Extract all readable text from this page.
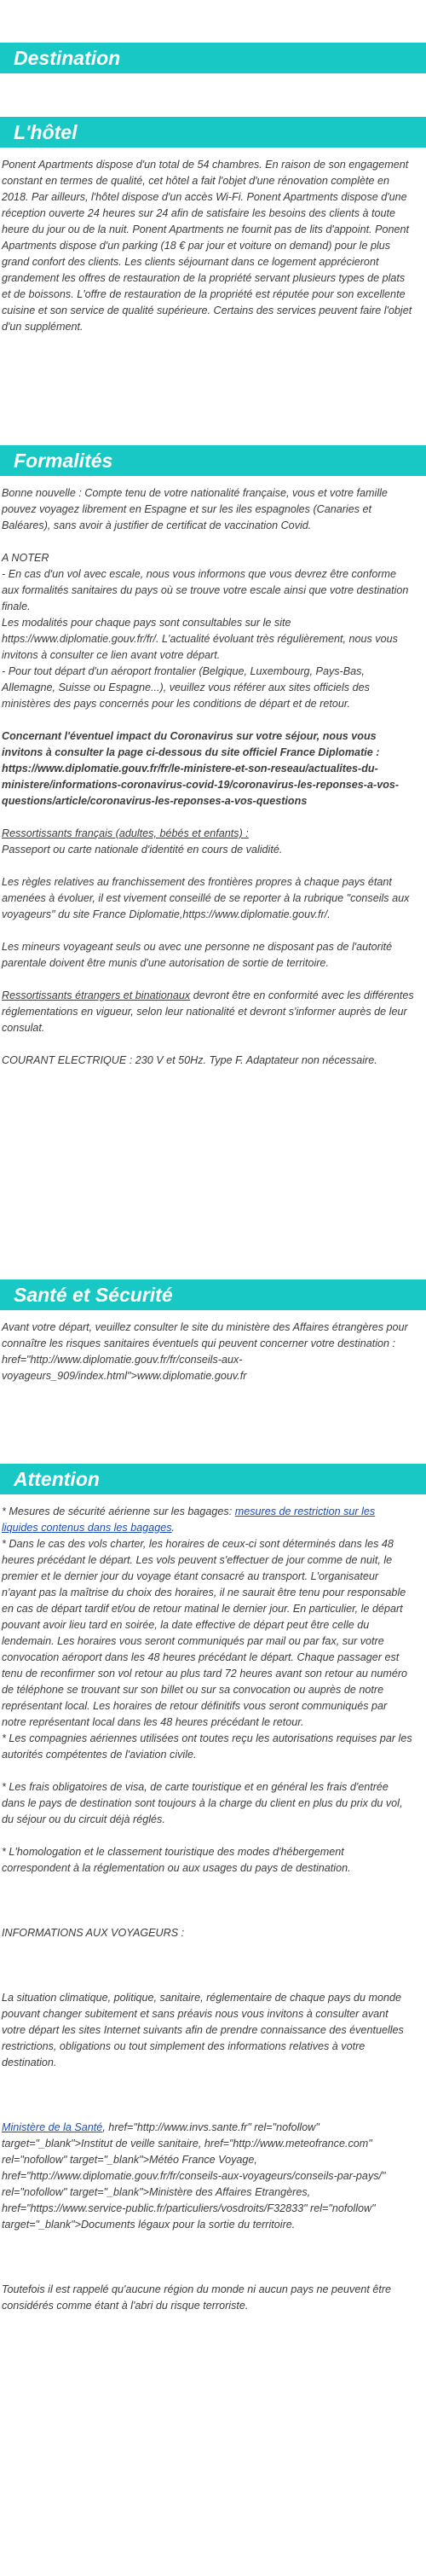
Destination
L'hôtel

Ponent Apartments dispose d'un total de 54 chambres. En raison de son engagement constant en termes de qualité, cet hôtel a fait l'objet d'une rénovation complète en 2018. Par ailleurs, l'hôtel dispose d'un accès Wi-Fi. Ponent Apartments dispose d'une réception ouverte 24 heures sur 24 afin de satisfaire les besoins des clients à toute heure du jour ou de la nuit. Ponent Apartments ne fournit pas de lits d'appoint. Ponent Apartments dispose d'un parking (18 € par jour et voiture on demand) pour le plus grand confort des clients. Les clients séjournant dans ce logement apprécieront grandement les offres de restauration de la propriété servant plusieurs types de plats et de boissons. L'offre de restauration de la propriété est réputée pour son excellente cuisine et son service de qualité supérieure. Certains des services peuvent faire l'objet d'un supplément.

Formalités

Bonne nouvelle : Compte tenu de votre nationalité française, vous et votre famille pouvez voyagez librement en Espagne et sur les iles espagnoles (Canaries et Baléares), sans avoir à justifier de certificat de vaccination Covid.

A NOTER

- En cas d'un vol avec escale, nous vous informons que vous devrez être conforme aux formalités sanitaires du pays où se trouve votre escale ainsi que votre destination finale.

Les modalités pour chaque pays sont consultables sur le site https://www.diplomatie.gouv.fr/fr/. L'actualité évoluant très régulièrement, nous vous invitons à consulter ce lien avant votre départ.

- Pour tout départ d'un aéroport frontalier (Belgique, Luxembourg, Pays-Bas, Allemagne, Suisse ou Espagne...), veuillez vous référer aux sites officiels des ministères des pays concernés pour les conditions de départ et de retour.

Concernant l'éventuel impact du Coronavirus sur votre séjour, nous vous invitons à consulter la page ci-dessous du site officiel France Diplomatie : https://www.diplomatie.gouv.fr/fr/le-ministere-et-son-reseau/actualites-du-ministere/informations-coronavirus-covid-19/coronavirus-les-reponses-a-vos-questions/article/coronavirus-les-reponses-a-vos-questions

Ressortissants français (adultes, bébés et enfants) :

Passeport ou carte nationale d'identité en cours de validité.

Les règles relatives au franchissement des frontières propres à chaque pays étant amenées à évoluer, il est vivement conseillé de se reporter à la rubrique "conseils aux voyageurs" du site France Diplomatie,https://www.diplomatie.gouv.fr/.

Les mineurs voyageant seuls ou avec une personne ne disposant pas de l'autorité parentale doivent être munis d'une autorisation de sortie de territoire.

Ressortissants étrangers et binationaux devront être en conformité avec les différentes réglementations en vigueur, selon leur nationalité et devront s'informer auprès de leur consulat.

COURANT ELECTRIQUE : 230 V et 50Hz. Type F. Adaptateur non nécessaire.

Santé et Sécurité

Avant votre départ, veuillez consulter le site du ministère des Affaires étrangères pour connaître les risques sanitaires éventuels qui peuvent concerner votre destination : href="http://www.diplomatie.gouv.fr/fr/conseils-aux-voyageurs_909/index.html">www.diplomatie.gouv.fr

Attention

* Mesures de sécurité aérienne sur les bagages: mesures de restriction sur les liquides contenus dans les bagages.

* Dans le cas des vols charter, les horaires de ceux-ci sont déterminés dans les 48 heures précédant le départ. Les vols peuvent s'effectuer de jour comme de nuit, le premier et le dernier jour du voyage étant consacré au transport. L'organisateur n'ayant pas la maîtrise du choix des horaires, il ne saurait être tenu pour responsable en cas de départ tardif et/ou de retour matinal le dernier jour. En particulier, le départ pouvant avoir lieu tard en soirée, la date effective de départ peut être celle du lendemain. Les horaires vous seront communiqués par mail ou par fax, sur votre convocation aéroport dans les 48 heures précédant le départ. Chaque passager est tenu de reconfirmer son vol retour au plus tard 72 heures avant son retour au numéro de téléphone se trouvant sur son billet ou sur sa convocation ou auprès de notre représentant local. Les horaires de retour définitifs vous seront communiqués par notre représentant local dans les 48 heures précédant le retour.

* Les compagnies aériennes utilisées ont toutes reçu les autorisations requises par les autorités compétentes de l'aviation civile.

* Les frais obligatoires de visa, de carte touristique et en général les frais d'entrée dans le pays de destination sont toujours à la charge du client en plus du prix du vol, du séjour ou du circuit déjà réglés.

* L'homologation et le classement touristique des modes d'hébergement correspondent à la réglementation ou aux usages du pays de destination.

INFORMATIONS AUX VOYAGEURS :

La situation climatique, politique, sanitaire, réglementaire de chaque pays du monde pouvant changer subitement et sans préavis nous vous invitons à consulter avant votre départ les sites Internet suivants afin de prendre connaissance des éventuelles restrictions, obligations ou tout simplement des informations relatives à votre destination.

Ministère de la Santé, href="http://www.invs.sante.fr" rel="nofollow" target="_blank">Institut de veille sanitaire, href="http://www.meteofrance.com" rel="nofollow" target="_blank">Météo France Voyage, href="http://www.diplomatie.gouv.fr/fr/conseils-aux-voyageurs/conseils-par-pays/" rel="nofollow" target="_blank">Ministère des Affaires Etrangères, href="https://www.service-public.fr/particuliers/vosdroits/F32833" rel="nofollow" target="_blank">Documents légaux pour la sortie du territoire.

Toutefois il est rappelé qu'aucune région du monde ni aucun pays ne peuvent être considérés comme étant à l'abri du risque terroriste.
